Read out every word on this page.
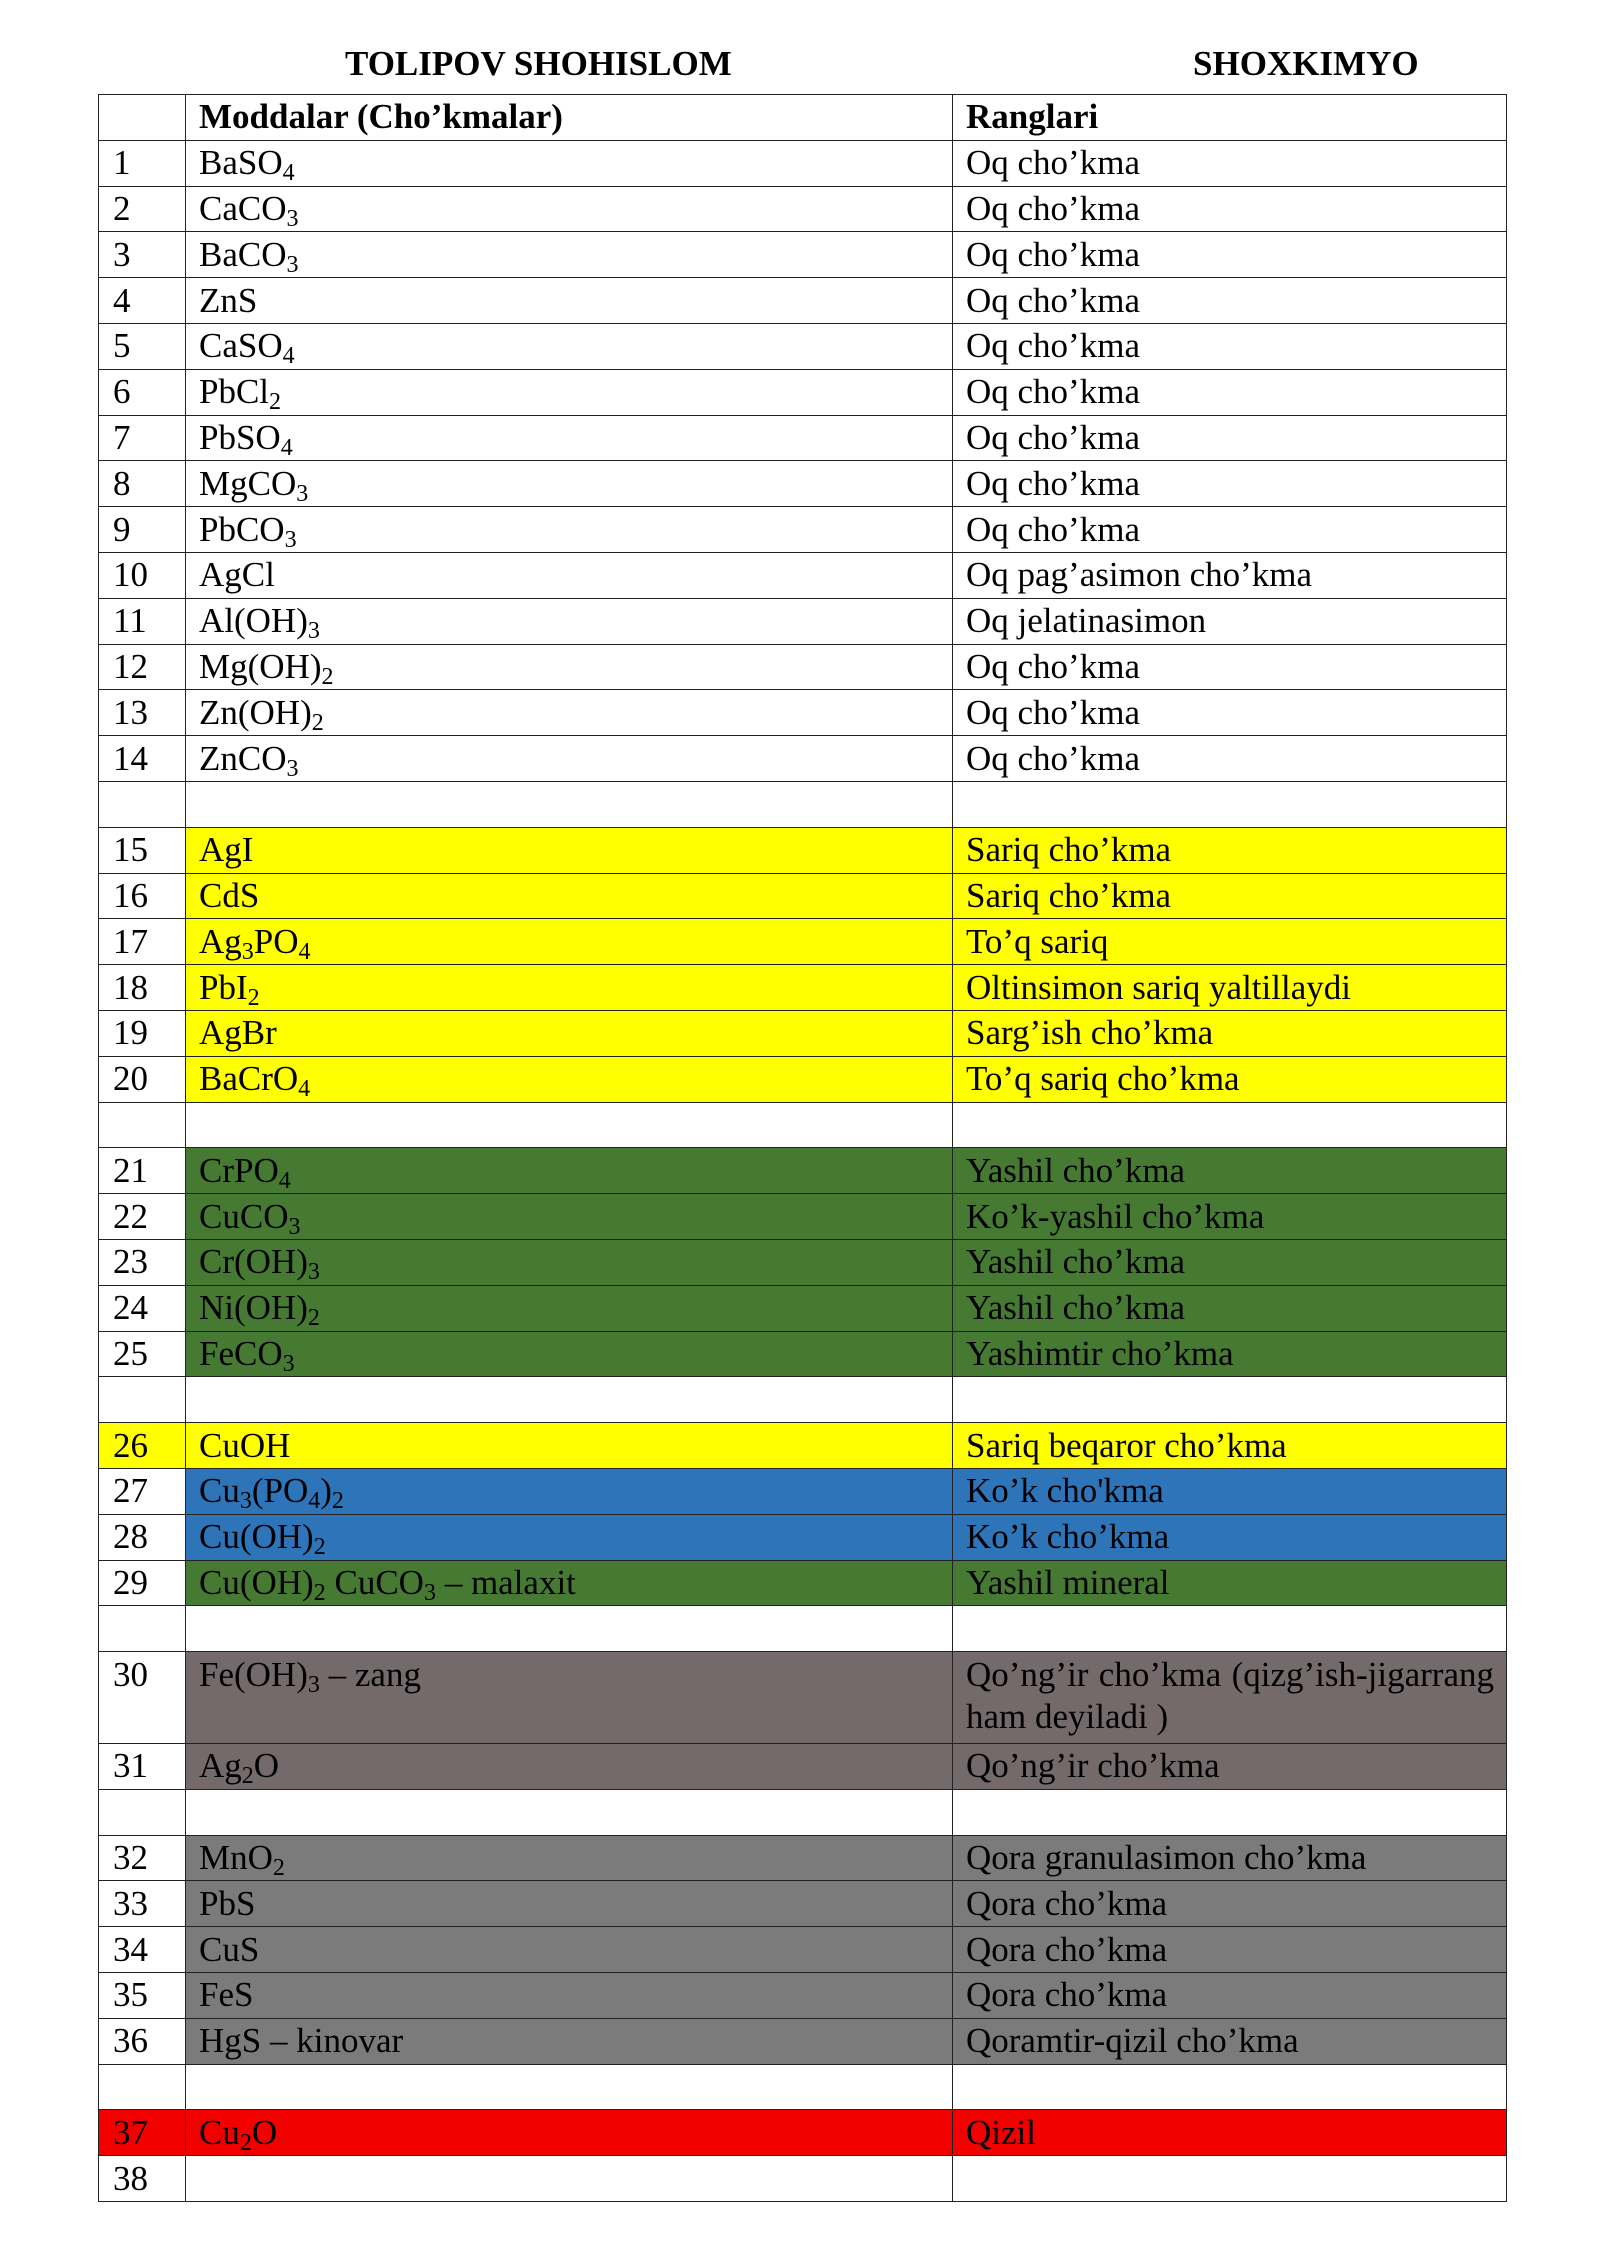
TOLIPOV SHOHISLOM	SHOXKIMYO
	Moddalar (Cho’kmalar)	Ranglari
1	BaSO$_4$	Oq cho’kma
2	CaCO$_3$	Oq cho’kma
3	BaCO$_3$	Oq cho’kma
4	ZnS	Oq cho’kma
5	CaSO$_4$	Oq cho’kma
6	PbCl$_2$	Oq cho’kma
7	PbSO$_4$	Oq cho’kma
8	MgCO$_3$	Oq cho’kma
9	PbCO$_3$	Oq cho’kma
10	AgCl	Oq pag’asimon cho’kma
11	$Al(OH)_3$	Oq jelatinasimon
12	$Mg(OH)_2$	Oq cho’kma
13	$Zn(OH)_2$	Oq cho’kma
14	ZnCO$_3$	Oq cho’kma

15	AgI	Sariq cho’kma
16	CdS	Sariq cho’kma
17	$Ag_3PO_4$	To’q sariq
18	PbI$_2$	Oltinsimon sariq yaltillaydi
19	AgBr	Sarg’ish cho’kma
20	BaCrO$_4$	To’q sariq cho’kma

21	CrPO$_4$	Yashil cho’kma
22	CuCO$_3$	Ko’k-yashil cho’kma
23	$Cr(OH)_3$	Yashil cho’kma
24	$Ni(OH)_2$	Yashil cho’kma
25	FeCO$_3$	Yashimtir cho’kma

26	CuOH	Sariq beqaror cho’kma
27	$Cu_3(PO_4)_2$	Ko’k cho'kma
28	$Cu(OH)_2$	Ko’k cho’kma
29	$Cu(OH)_2$ CuCO$_3$ – malaxit	Yashil mineral

30	$Fe(OH)_3$ – zang	Qo’ng’ir cho’kma (qizg’ish-jigarrang ham deyiladi )
31	$Ag_2O$	Qo’ng’ir cho’kma

32	MnO$_2$	Qora granulasimon cho’kma
33	PbS	Qora cho’kma
34	CuS	Qora cho’kma
35	FeS	Qora cho’kma
36	HgS – kinovar	Qoramtir-qizil cho’kma

37	$Cu_2O$	Qizil
38		
